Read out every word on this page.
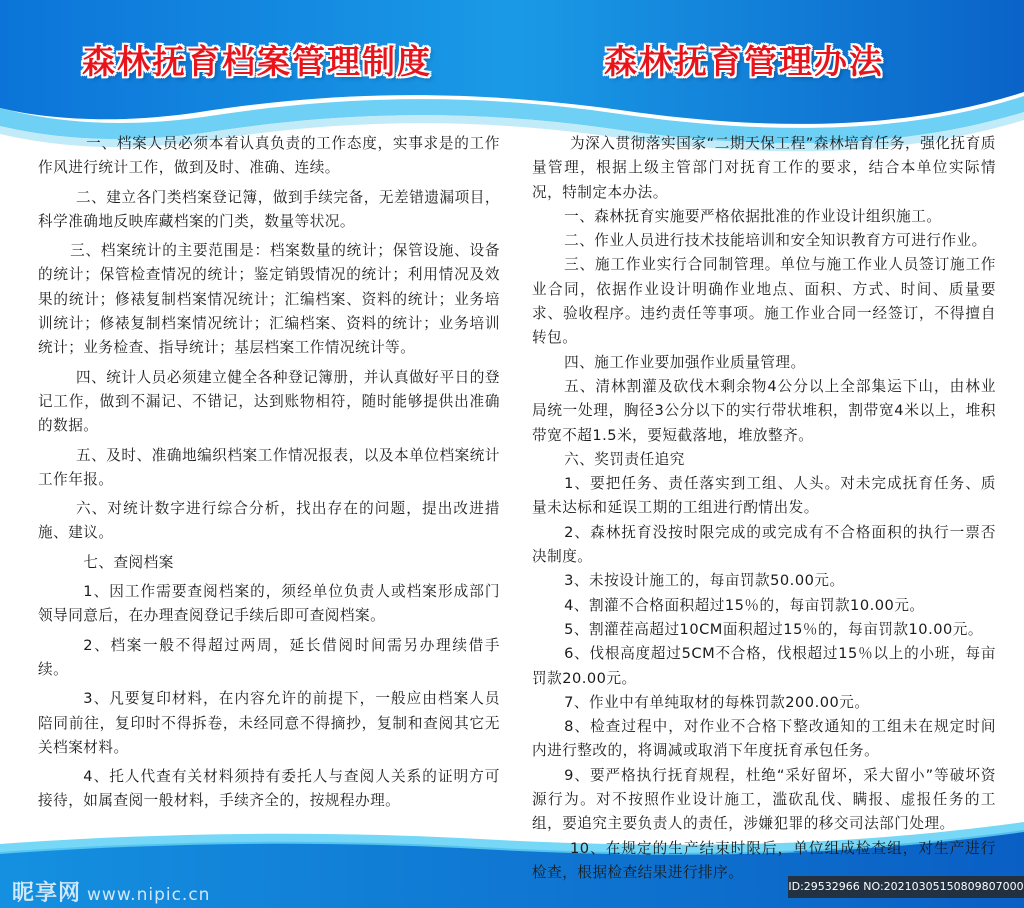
森林抚育档案管理制度	森林抚育管理办法

一、档案人员必须本着认真负责的工作态度，实事求是的工作作风进行统计工作，做到及时、准确、连续。

二、建立各门类档案登记簿，做到手续完备，无差错遗漏项目，科学准确地反映库藏档案的门类，数量等状况。

三、档案统计的主要范围是：档案数量的统计；保管设施、设备的统计；保管检查情况的统计；鉴定销毁情况的统计；利用情况及效果的统计；修裱复制档案情况统计；汇编档案、资料的统计；业务培训统计；修裱复制档案情况统计；汇编档案、资料的统计；业务培训统计；业务检查、指导统计；基层档案工作情况统计等。

四、统计人员必须建立健全各种登记簿册，并认真做好平日的登记工作，做到不漏记、不错记，达到账物相符，随时能够提供出准确的数据。

五、及时、准确地编织档案工作情况报表，以及本单位档案统计工作年报。

六、对统计数字进行综合分析，找出存在的问题，提出改进措施、建议。

七、查阅档案

1、因工作需要查阅档案的，须经单位负责人或档案形成部门领导同意后，在办理查阅登记手续后即可查阅档案。

2、档案一般不得超过两周，延长借阅时间需另办理续借手续。

3、凡要复印材料，在内容允许的前提下，一般应由档案人员陪同前往，复印时不得拆卷，未经同意不得摘抄，复制和查阅其它无关档案材料。

4、托人代查有关材料须持有委托人与查阅人关系的证明方可接待，如属查阅一般材料，手续齐全的，按规程办理。

为深入贯彻落实国家“二期天保工程”森林培育任务，强化抚育质量管理，根据上级主管部门对抚育工作的要求，结合本单位实际情况，特制定本办法。

一、森林抚育实施要严格依据批准的作业设计组织施工。

二、作业人员进行技术技能培训和安全知识教育方可进行作业。

三、施工作业实行合同制管理。单位与施工作业人员签订施工作业合同，依据作业设计明确作业地点、面积、方式、时间、质量要求、验收程序。违约责任等事项。施工作业合同一经签订，不得擅自转包。

四、施工作业要加强作业质量管理。

五、清林割灌及砍伐木剩余物4公分以上全部集运下山，由林业局统一处理，胸径3公分以下的实行带状堆积，割带宽4米以上，堆积带宽不超1.5米，要短截落地，堆放整齐。

六、奖罚责任追究

1、要把任务、责任落实到工组、人头。对未完成抚育任务、质量未达标和延误工期的工组进行酌情出发。

2、森林抚育没按时限完成的或完成有不合格面积的执行一票否决制度。

3、未按设计施工的，每亩罚款50.00元。

4、割灌不合格面积超过15％的，每亩罚款10.00元。

5、割灌茬高超过10CM面积超过15％的，每亩罚款10.00元。

6、伐根高度超过5CM不合格，伐根超过15％以上的小班，每亩罚款20.00元。

7、作业中有单纯取材的每株罚款200.00元。

8、检查过程中，对作业不合格下整改通知的工组未在规定时间内进行整改的，将调减或取消下年度抚育承包任务。

9、要严格执行抚育规程，杜绝“采好留坏，采大留小”等破坏资源行为。对不按照作业设计施工，滥砍乱伐、瞒报、虚报任务的工组，要追究主要负责人的责任，涉嫌犯罪的移交司法部门处理。

10、在规定的生产结束时限后，单位组成检查组，对生产进行检查，根据检查结果进行排序。

昵享网 www.nipic.cn	ID:29532966 NO:20210305150809807000
